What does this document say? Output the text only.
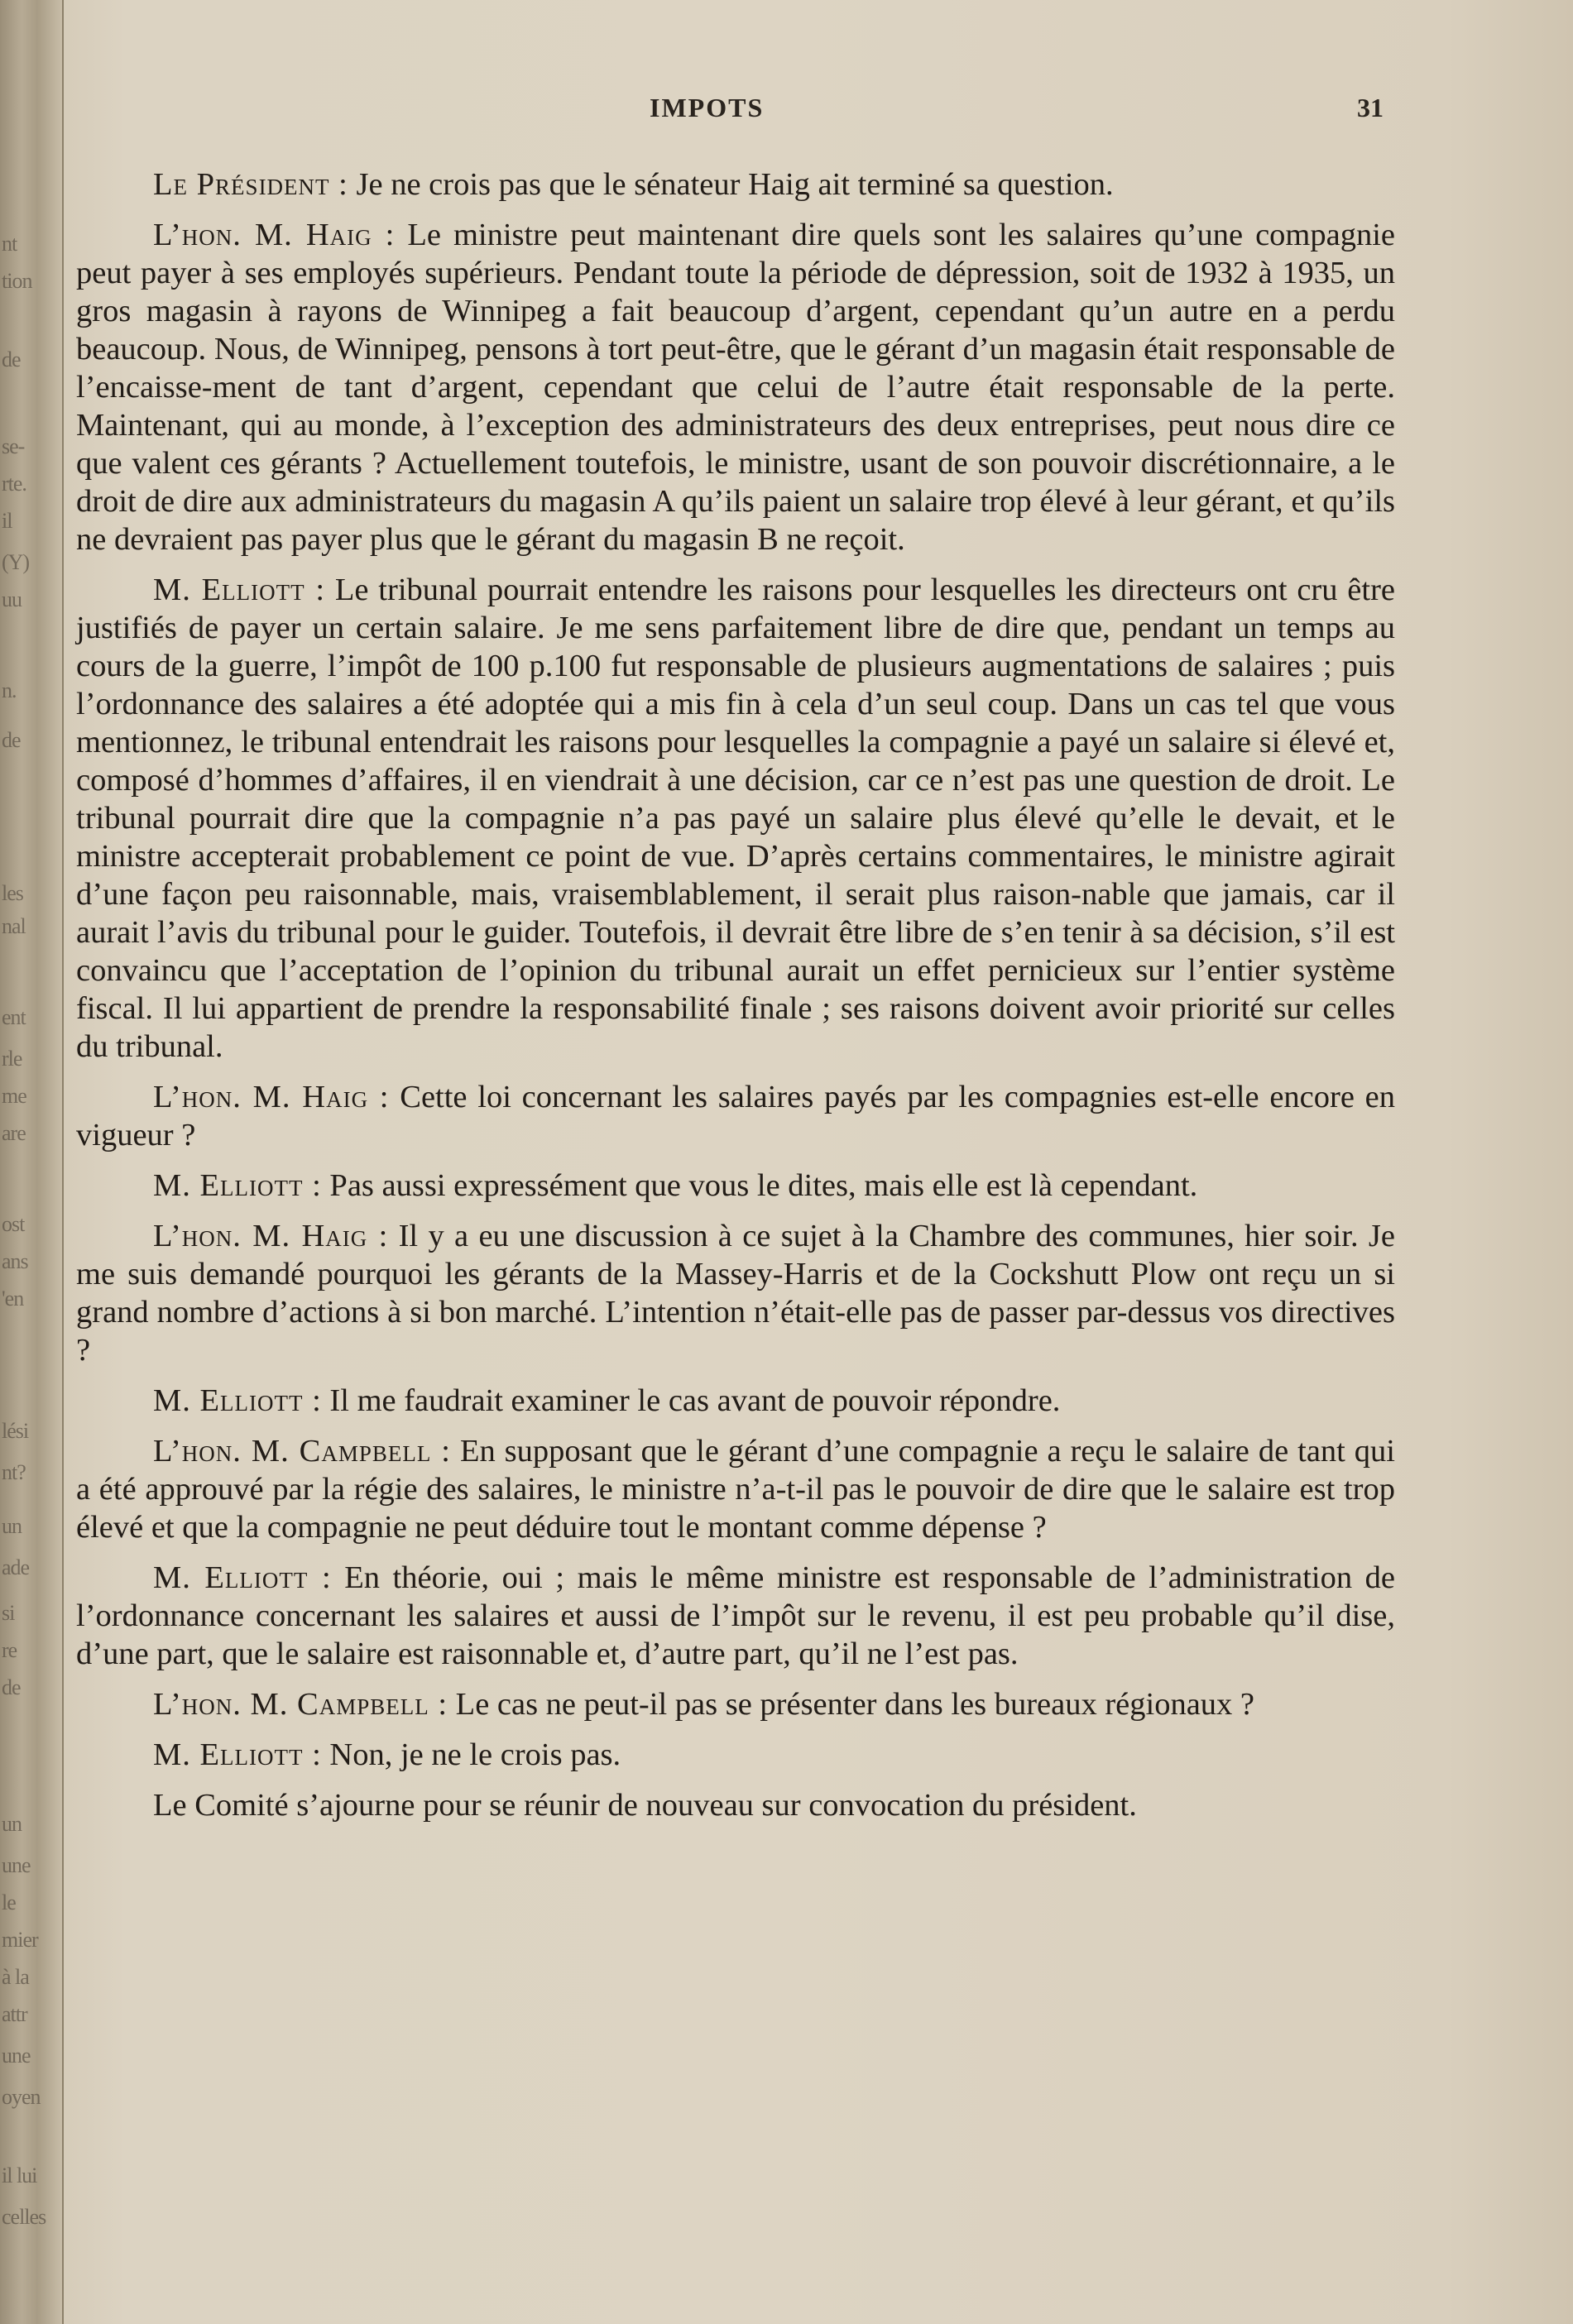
nt
tion
de
se-
rte.
il
(Y)
uu
n.
de
les
nal
ent
rle
me
are
ost
ans
'en
lési
nt?
un
ade
si
re
de
un
une
le
mier
à la
attr
une
oyen
il lui
celles
IMPOTS	31

Le Président : Je ne crois pas que le sénateur Haig ait terminé sa question.

L’hon. M. Haig : Le ministre peut maintenant dire quels sont les salaires qu’une compagnie peut payer à ses employés supérieurs. Pendant toute la période de dépression, soit de 1932 à 1935, un gros magasin à rayons de Winnipeg a fait beaucoup d’argent, cependant qu’un autre en a perdu beaucoup. Nous, de Winnipeg, pensons à tort peut-être, que le gérant d’un magasin était responsable de l’encaisse-ment de tant d’argent, cependant que celui de l’autre était responsable de la perte. Maintenant, qui au monde, à l’exception des administrateurs des deux entreprises, peut nous dire ce que valent ces gérants ? Actuellement toutefois, le ministre, usant de son pouvoir discrétionnaire, a le droit de dire aux administrateurs du magasin A qu’ils paient un salaire trop élevé à leur gérant, et qu’ils ne devraient pas payer plus que le gérant du magasin B ne reçoit.

M. Elliott : Le tribunal pourrait entendre les raisons pour lesquelles les directeurs ont cru être justifiés de payer un certain salaire. Je me sens parfaitement libre de dire que, pendant un temps au cours de la guerre, l’impôt de 100 p.100 fut responsable de plusieurs augmentations de salaires ; puis l’ordonnance des salaires a été adoptée qui a mis fin à cela d’un seul coup. Dans un cas tel que vous mentionnez, le tribunal entendrait les raisons pour lesquelles la compagnie a payé un salaire si élevé et, composé d’hommes d’affaires, il en viendrait à une décision, car ce n’est pas une question de droit. Le tribunal pourrait dire que la compagnie n’a pas payé un salaire plus élevé qu’elle le devait, et le ministre accepterait probablement ce point de vue. D’après certains commentaires, le ministre agirait d’une façon peu raisonnable, mais, vraisemblablement, il serait plus raison-nable que jamais, car il aurait l’avis du tribunal pour le guider. Toutefois, il devrait être libre de s’en tenir à sa décision, s’il est convaincu que l’acceptation de l’opinion du tribunal aurait un effet pernicieux sur l’entier système fiscal. Il lui appartient de prendre la responsabilité finale ; ses raisons doivent avoir priorité sur celles du tribunal.

L’hon. M. Haig : Cette loi concernant les salaires payés par les compagnies est-elle encore en vigueur ?

M. Elliott : Pas aussi expressément que vous le dites, mais elle est là cependant.

L’hon. M. Haig : Il y a eu une discussion à ce sujet à la Chambre des communes, hier soir. Je me suis demandé pourquoi les gérants de la Massey-Harris et de la Cockshutt Plow ont reçu un si grand nombre d’actions à si bon marché. L’intention n’était-elle pas de passer par-dessus vos directives ?

M. Elliott : Il me faudrait examiner le cas avant de pouvoir répondre.

L’hon. M. Campbell : En supposant que le gérant d’une compagnie a reçu le salaire de tant qui a été approuvé par la régie des salaires, le ministre n’a-t-il pas le pouvoir de dire que le salaire est trop élevé et que la compagnie ne peut déduire tout le montant comme dépense ?

M. Elliott : En théorie, oui ; mais le même ministre est responsable de l’administration de l’ordonnance concernant les salaires et aussi de l’impôt sur le revenu, il est peu probable qu’il dise, d’une part, que le salaire est raisonnable et, d’autre part, qu’il ne l’est pas.

L’hon. M. Campbell : Le cas ne peut-il pas se présenter dans les bureaux régionaux ?

M. Elliott : Non, je ne le crois pas.

Le Comité s’ajourne pour se réunir de nouveau sur convocation du président.
